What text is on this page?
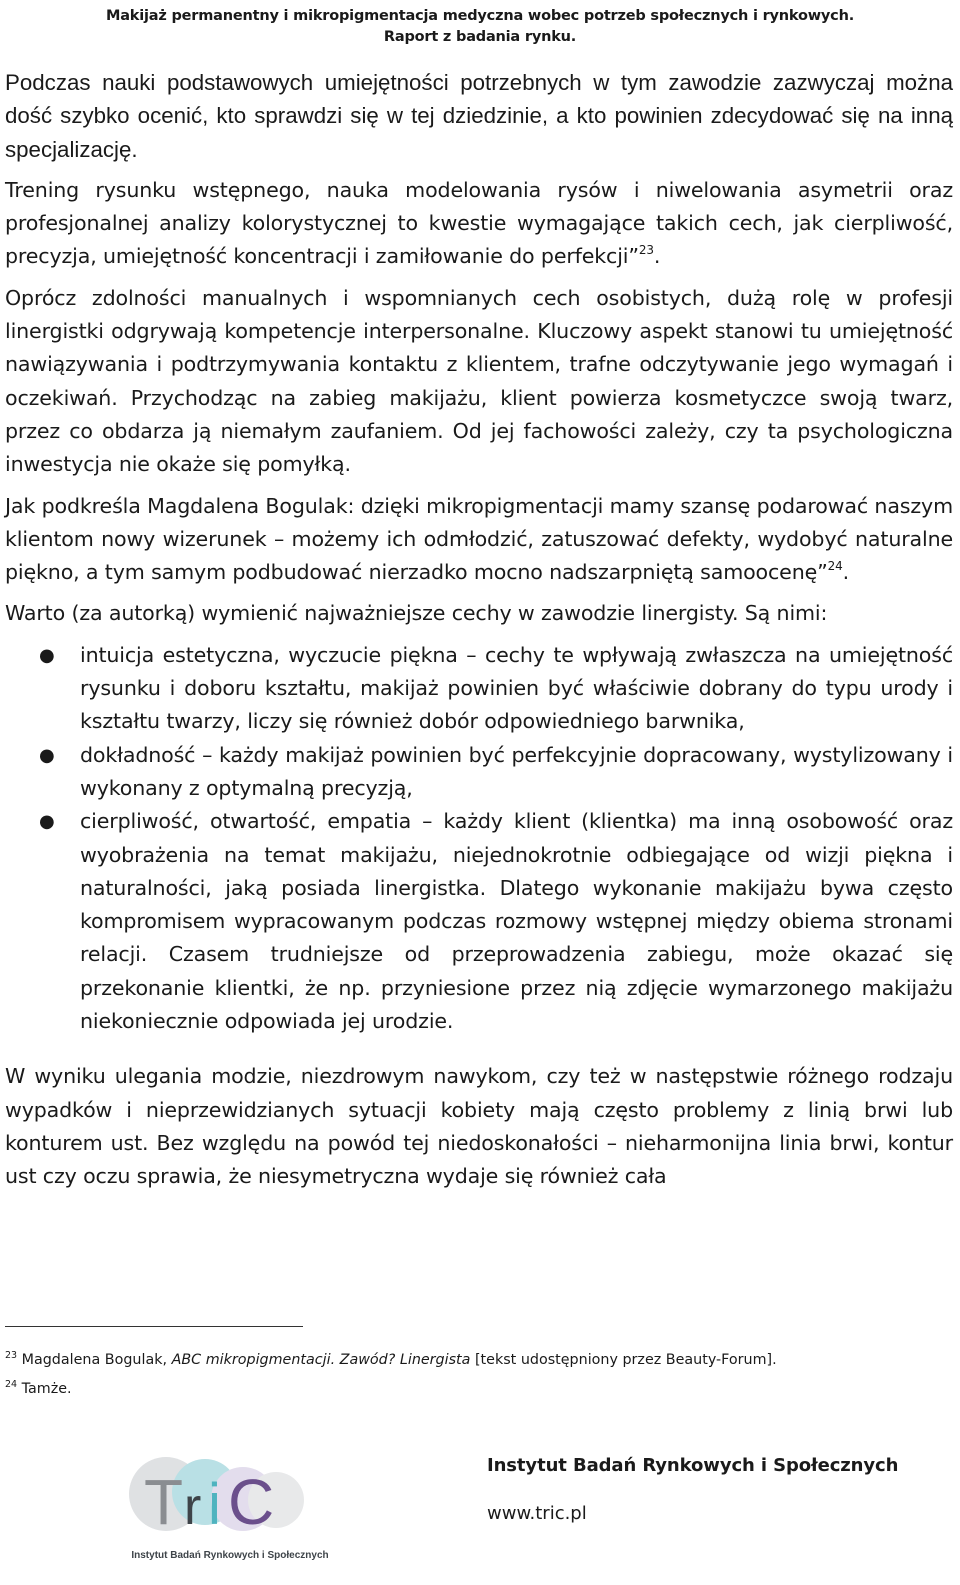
Makijaż permanentny i mikropigmentacja medyczna wobec potrzeb społecznych i rynkowych.
Raport z badania rynku.

Podczas nauki podstawowych umiejętności potrzebnych w tym zawodzie zazwyczaj można dość szybko ocenić, kto sprawdzi się w tej dziedzinie, a kto powinien zdecydować się na inną specjalizację.

Trening rysunku wstępnego, nauka modelowania rysów i niwelowania asymetrii oraz profesjonalnej analizy kolorystycznej to kwestie wymagające takich cech, jak cierpliwość, precyzja, umiejętność koncentracji i zamiłowanie do perfekcji”$^{23}$.

Oprócz zdolności manualnych i wspomnianych cech osobistych, dużą rolę w profesji linergistki odgrywają kompetencje interpersonalne. Kluczowy aspekt stanowi tu umiejętność nawiązywania i podtrzymywania kontaktu z klientem, trafne odczytywanie jego wymagań i oczekiwań. Przychodząc na zabieg makijażu, klient powierza kosmetyczce swoją twarz, przez co obdarza ją niemałym zaufaniem. Od jej fachowości zależy, czy ta psychologiczna inwestycja nie okaże się pomyłką.

Jak podkreśla Magdalena Bogulak: dzięki mikropigmentacji mamy szansę podarować naszym klientom nowy wizerunek – możemy ich odmłodzić, zatuszować defekty, wydobyć naturalne piękno, a tym samym podbudować nierzadko mocno nadszarpniętą samoocenę”$^{24}$.

Warto (za autorką) wymienić najważniejsze cechy w zawodzie linergisty. Są nimi:

● intuicja estetyczna, wyczucie piękna – cechy te wpływają zwłaszcza na umiejętność rysunku i doboru kształtu, makijaż powinien być właściwie dobrany do typu urody i kształtu twarzy, liczy się również dobór odpowiedniego barwnika,
● dokładność – każdy makijaż powinien być perfekcyjnie dopracowany, wystylizowany i wykonany z optymalną precyzją,
● cierpliwość, otwartość, empatia – każdy klient (klientka) ma inną osobowość oraz wyobrażenia na temat makijażu, niejednokrotnie odbiegające od wizji piękna i naturalności, jaką posiada linergistka. Dlatego wykonanie makijażu bywa często kompromisem wypracowanym podczas rozmowy wstępnej między obiema stronami relacji. Czasem trudniejsze od przeprowadzenia zabiegu, może okazać się przekonanie klientki, że np. przyniesione przez nią zdjęcie wymarzonego makijażu niekoniecznie odpowiada jej urodzie.

W wyniku ulegania modzie, niezdrowym nawykom, czy też w następstwie różnego rodzaju wypadków i nieprzewidzianych sytuacji kobiety mają często problemy z linią brwi lub konturem ust. Bez względu na powód tej niedoskonałości – nieharmonijna linia brwi, kontur ust czy oczu sprawia, że niesymetryczna wydaje się również cała

$^{23}$ Magdalena Bogulak, ABC mikropigmentacji. Zawód? Linergista [tekst udostępniony przez Beauty-Forum].
$^{24}$ Tamże.
T r i C
Instytut Badań Rynkowych i Społecznych
Instytut Badań Rynkowych i Społecznych
www.tric.pl
